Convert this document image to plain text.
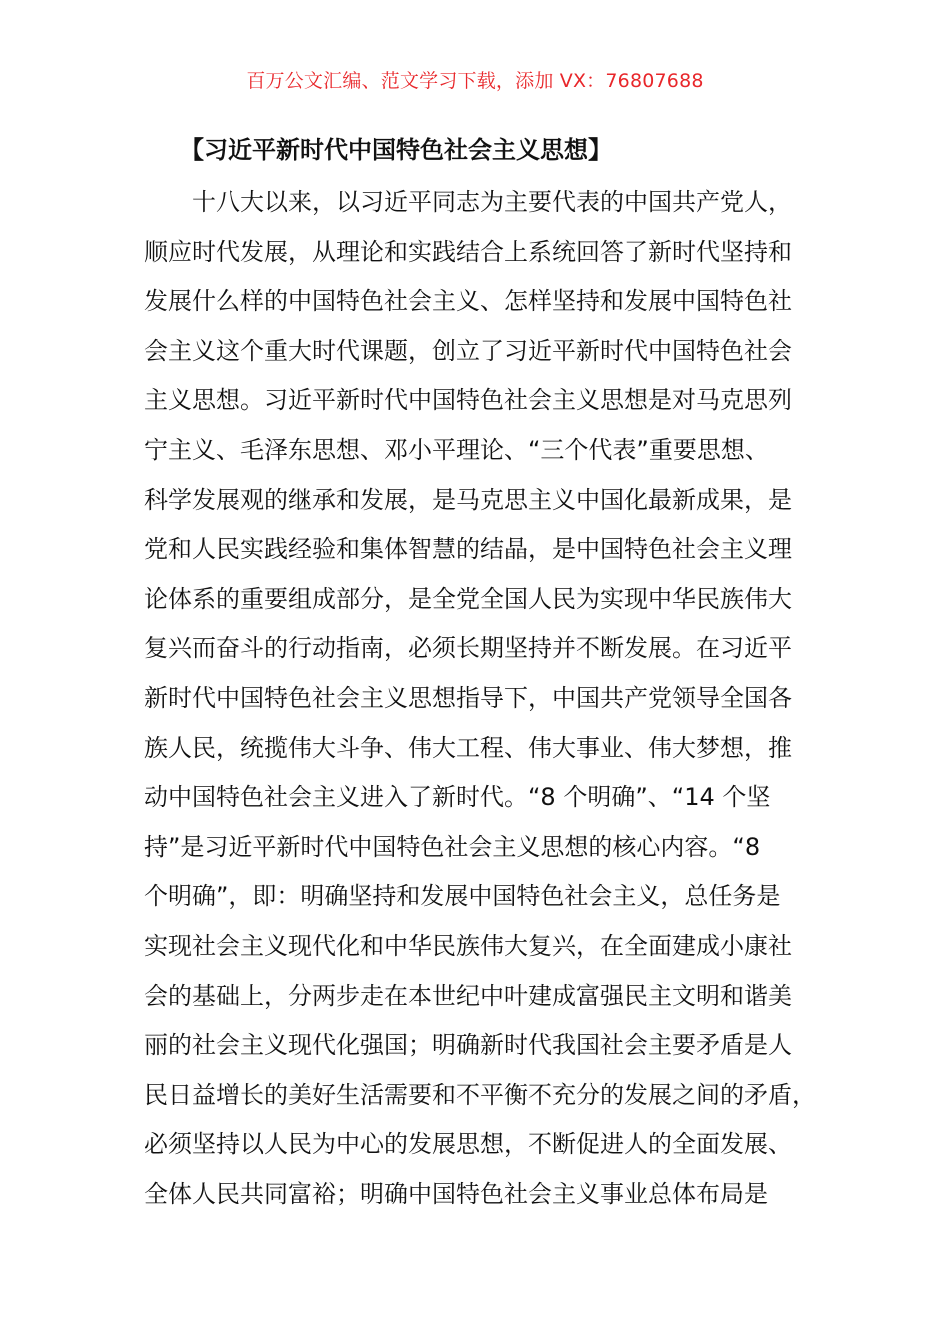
百万公文汇编、范文学习下载，添加 VX：76807688
【习近平新时代中国特色社会主义思想】
十八大以来，以习近平同志为主要代表的中国共产党人，
顺应时代发展，从理论和实践结合上系统回答了新时代坚持和
发展什么样的中国特色社会主义、怎样坚持和发展中国特色社
会主义这个重大时代课题，创立了习近平新时代中国特色社会
主义思想。习近平新时代中国特色社会主义思想是对马克思列
宁主义、毛泽东思想、邓小平理论、“三个代表”重要思想、
科学发展观的继承和发展，是马克思主义中国化最新成果，是
党和人民实践经验和集体智慧的结晶，是中国特色社会主义理
论体系的重要组成部分，是全党全国人民为实现中华民族伟大
复兴而奋斗的行动指南，必须长期坚持并不断发展。在习近平
新时代中国特色社会主义思想指导下，中国共产党领导全国各
族人民，统揽伟大斗争、伟大工程、伟大事业、伟大梦想，推
动中国特色社会主义进入了新时代。“8 个明确”、“14 个坚
持”是习近平新时代中国特色社会主义思想的核心内容。“8
个明确”，即：明确坚持和发展中国特色社会主义，总任务是
实现社会主义现代化和中华民族伟大复兴，在全面建成小康社
会的基础上，分两步走在本世纪中叶建成富强民主文明和谐美
丽的社会主义现代化强国；明确新时代我国社会主要矛盾是人
民日益增长的美好生活需要和不平衡不充分的发展之间的矛盾，
必须坚持以人民为中心的发展思想，不断促进人的全面发展、
全体人民共同富裕；明确中国特色社会主义事业总体布局是
